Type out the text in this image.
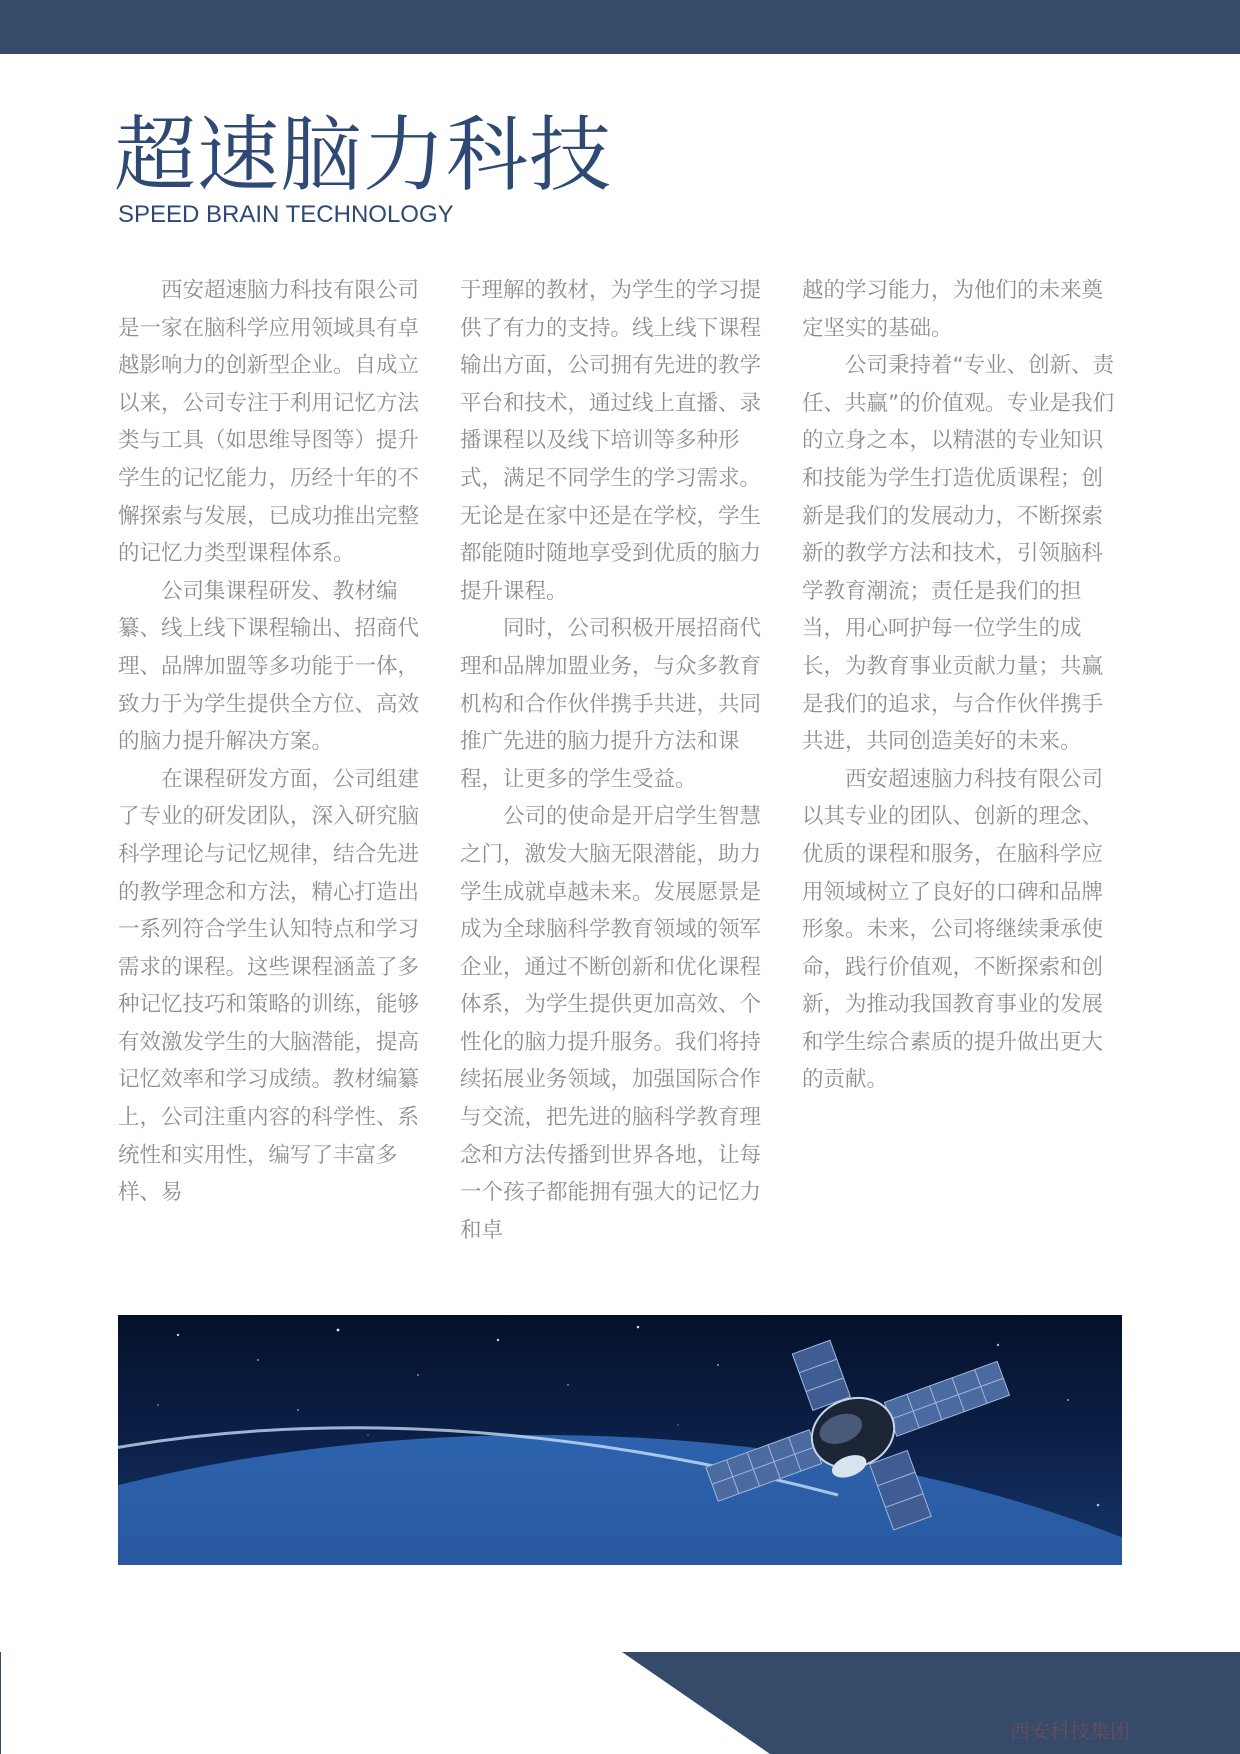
超速脑力科技

SPEED BRAIN TECHNOLOGY

西安超速脑力科技有限公司是一家在脑科学应用领域具有卓越影响力的创新型企业。自成立以来，公司专注于利用记忆方法类与工具（如思维导图等）提升学生的记忆能力，历经十年的不懈探索与发展，已成功推出完整的记忆力类型课程体系。

公司集课程研发、教材编纂、线上线下课程输出、招商代理、品牌加盟等多功能于一体，致力于为学生提供全方位、高效的脑力提升解决方案。

在课程研发方面，公司组建了专业的研发团队，深入研究脑科学理论与记忆规律，结合先进的教学理念和方法，精心打造出一系列符合学生认知特点和学习需求的课程。这些课程涵盖了多种记忆技巧和策略的训练，能够有效激发学生的大脑潜能，提高记忆效率和学习成绩。教材编纂上，公司注重内容的科学性、系统性和实用性，编写了丰富多样、易

于理解的教材，为学生的学习提供了有力的支持。线上线下课程输出方面，公司拥有先进的教学平台和技术，通过线上直播、录播课程以及线下培训等多种形式，满足不同学生的学习需求。无论是在家中还是在学校，学生都能随时随地享受到优质的脑力提升课程。

同时，公司积极开展招商代理和品牌加盟业务，与众多教育机构和合作伙伴携手共进，共同推广先进的脑力提升方法和课程，让更多的学生受益。

公司的使命是开启学生智慧之门，激发大脑无限潜能，助力学生成就卓越未来。发展愿景是成为全球脑科学教育领域的领军企业，通过不断创新和优化课程体系，为学生提供更加高效、个性化的脑力提升服务。我们将持续拓展业务领域，加强国际合作与交流，把先进的脑科学教育理念和方法传播到世界各地，让每一个孩子都能拥有强大的记忆力和卓

越的学习能力，为他们的未来奠定坚实的基础。

公司秉持着“专业、创新、责任、共赢”的价值观。专业是我们的立身之本，以精湛的专业知识和技能为学生打造优质课程；创新是我们的发展动力，不断探索新的教学方法和技术，引领脑科学教育潮流；责任是我们的担当，用心呵护每一位学生的成长，为教育事业贡献力量；共赢是我们的追求，与合作伙伴携手共进，共同创造美好的未来。

西安超速脑力科技有限公司以其专业的团队、创新的理念、优质的课程和服务，在脑科学应用领域树立了良好的口碑和品牌形象。未来，公司将继续秉承使命，践行价值观，不断探索和创新，为推动我国教育事业的发展和学生综合素质的提升做出更大的贡献。

西安科技集团
